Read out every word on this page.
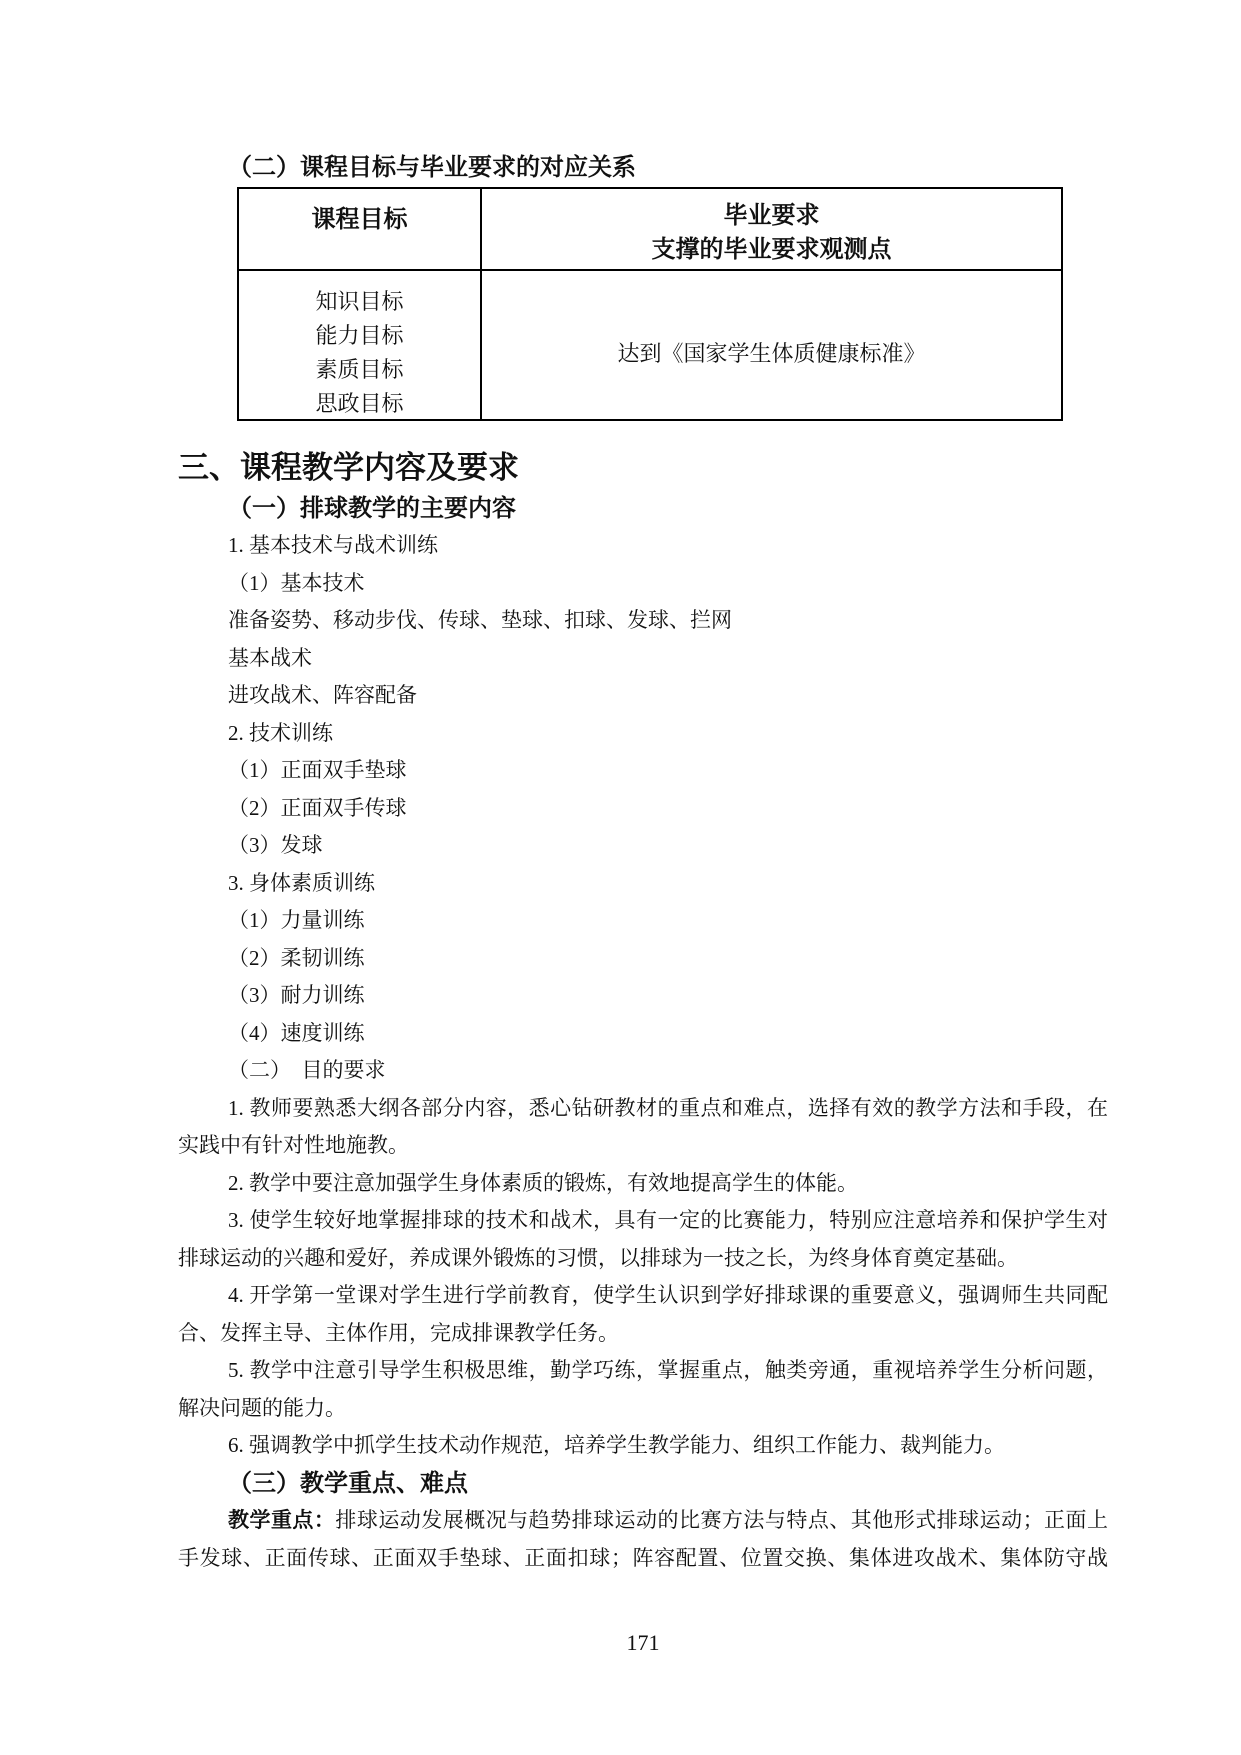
（二）课程目标与毕业要求的对应关系
课程目标	毕业要求
支撑的毕业要求观测点
知识目标
能力目标
素质目标
思政目标
达到《国家学生体质健康标准》
三、课程教学内容及要求
（一）排球教学的主要内容
1. 基本技术与战术训练
（1）基本技术
准备姿势、移动步伐、传球、垫球、扣球、发球、拦网
基本战术
进攻战术、阵容配备
2. 技术训练
（1）正面双手垫球
（2）正面双手传球
（3）发球
3. 身体素质训练
（1）力量训练
（2）柔韧训练
（3）耐力训练
（4）速度训练
（二）　目的要求
1. 教师要熟悉大纲各部分内容，悉心钻研教材的重点和难点，选择有效的教学方法和手段，在
实践中有针对性地施教。
2. 教学中要注意加强学生身体素质的锻炼，有效地提高学生的体能。
3. 使学生较好地掌握排球的技术和战术，具有一定的比赛能力，特别应注意培养和保护学生对
排球运动的兴趣和爱好，养成课外锻炼的习惯，以排球为一技之长，为终身体育奠定基础。
4. 开学第一堂课对学生进行学前教育，使学生认识到学好排球课的重要意义，强调师生共同配
合、发挥主导、主体作用，完成排课教学任务。
5. 教学中注意引导学生积极思维，勤学巧练，掌握重点，触类旁通，重视培养学生分析问题，
解决问题的能力。
6. 强调教学中抓学生技术动作规范，培养学生教学能力、组织工作能力、裁判能力。
（三）教学重点、难点
教学重点：排球运动发展概况与趋势排球运动的比赛方法与特点、其他形式排球运动；正面上
手发球、正面传球、正面双手垫球、正面扣球；阵容配置、位置交换、集体进攻战术、集体防守战
171
